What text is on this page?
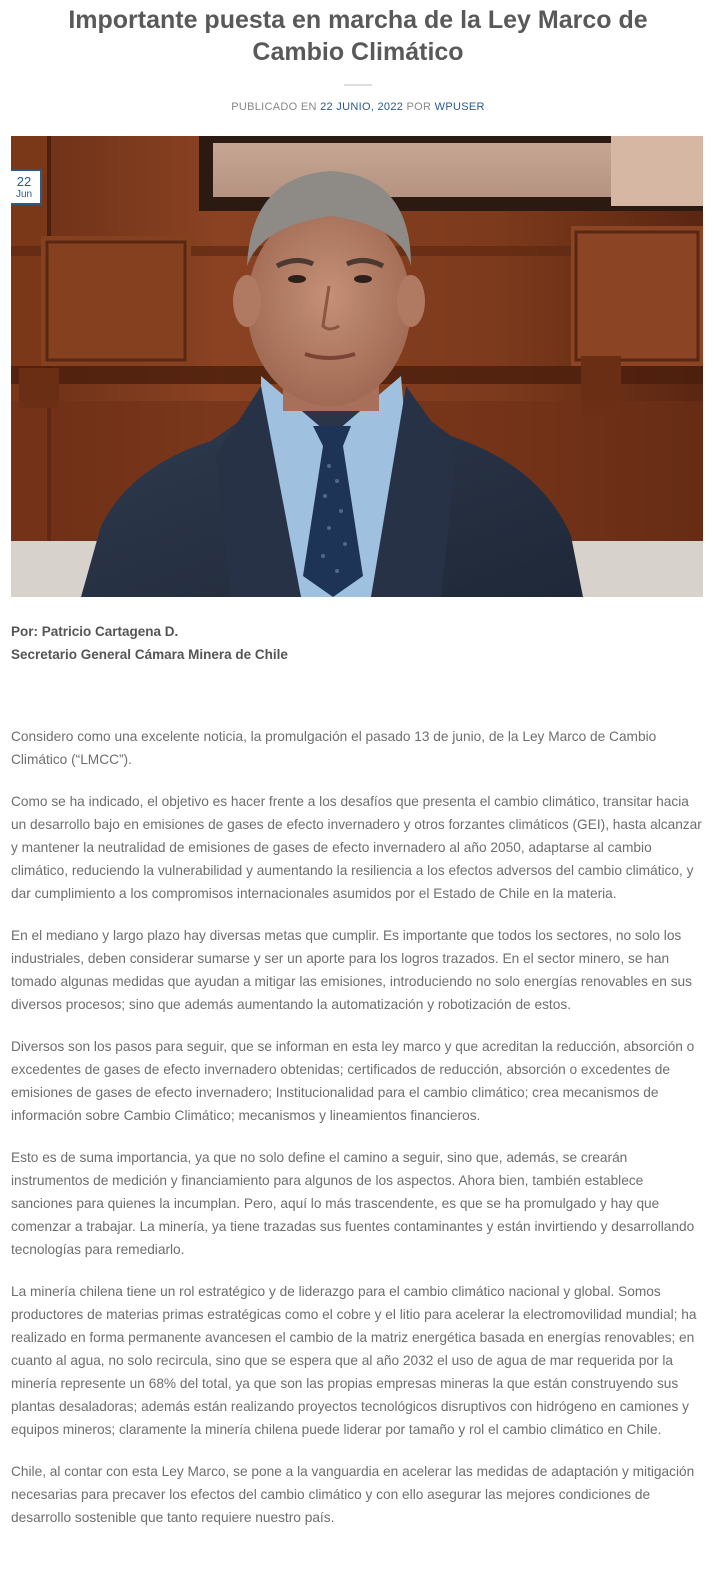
Importante puesta en marcha de la Ley Marco de Cambio Climático
PUBLICADO EN 22 JUNIO, 2022 POR WPUSER
22
Jun
Por: Patricio Cartagena D.
Secretario General Cámara Minera de Chile

Considero como una excelente noticia, la promulgación el pasado 13 de junio, de la Ley Marco de Cambio Climático (“LMCC”).

Como se ha indicado, el objetivo es hacer frente a los desafíos que presenta el cambio climático, transitar hacia un desarrollo bajo en emisiones de gases de efecto invernadero y otros forzantes climáticos (GEI), hasta alcanzar y mantener la neutralidad de emisiones de gases de efecto invernadero al año 2050, adaptarse al cambio climático, reduciendo la vulnerabilidad y aumentando la resiliencia a los efectos adversos del cambio climático, y dar cumplimiento a los compromisos internacionales asumidos por el Estado de Chile en la materia.

En el mediano y largo plazo hay diversas metas que cumplir. Es importante que todos los sectores, no solo los industriales, deben considerar sumarse y ser un aporte para los logros trazados. En el sector minero, se han tomado algunas medidas que ayudan a mitigar las emisiones, introduciendo no solo energías renovables en sus diversos procesos; sino que además aumentando la automatización y robotización de estos.

Diversos son los pasos para seguir, que se informan en esta ley marco y que acreditan la reducción, absorción o excedentes de gases de efecto invernadero obtenidas; certificados de reducción, absorción o excedentes de emisiones de gases de efecto invernadero; Institucionalidad para el cambio climático; crea mecanismos de información sobre Cambio Climático; mecanismos y lineamientos financieros.

Esto es de suma importancia, ya que no solo define el camino a seguir, sino que, además, se crearán instrumentos de medición y financiamiento para algunos de los aspectos. Ahora bien, también establece sanciones para quienes la incumplan. Pero, aquí lo más trascendente, es que se ha promulgado y hay que comenzar a trabajar. La minería, ya tiene trazadas sus fuentes contaminantes y están invirtiendo y desarrollando tecnologías para remediarlo.

La minería chilena tiene un rol estratégico y de liderazgo para el cambio climático nacional y global. Somos productores de materias primas estratégicas como el cobre y el litio para acelerar la electromovilidad mundial; ha realizado en forma permanente avancesen el cambio de la matriz energética basada en energías renovables; en cuanto al agua, no solo recircula, sino que se espera que al año 2032 el uso de agua de mar requerida por la minería represente un 68% del total, ya que son las propias empresas mineras la que están construyendo sus plantas desaladoras; además están realizando proyectos tecnológicos disruptivos con hidrógeno en camiones y equipos mineros; claramente la minería chilena puede liderar por tamaño y rol el cambio climático en Chile.

Chile, al contar con esta Ley Marco, se pone a la vanguardia en acelerar las medidas de adaptación y mitigación necesarias para precaver los efectos del cambio climático y con ello asegurar las mejores condiciones de desarrollo sostenible que tanto requiere nuestro país.
